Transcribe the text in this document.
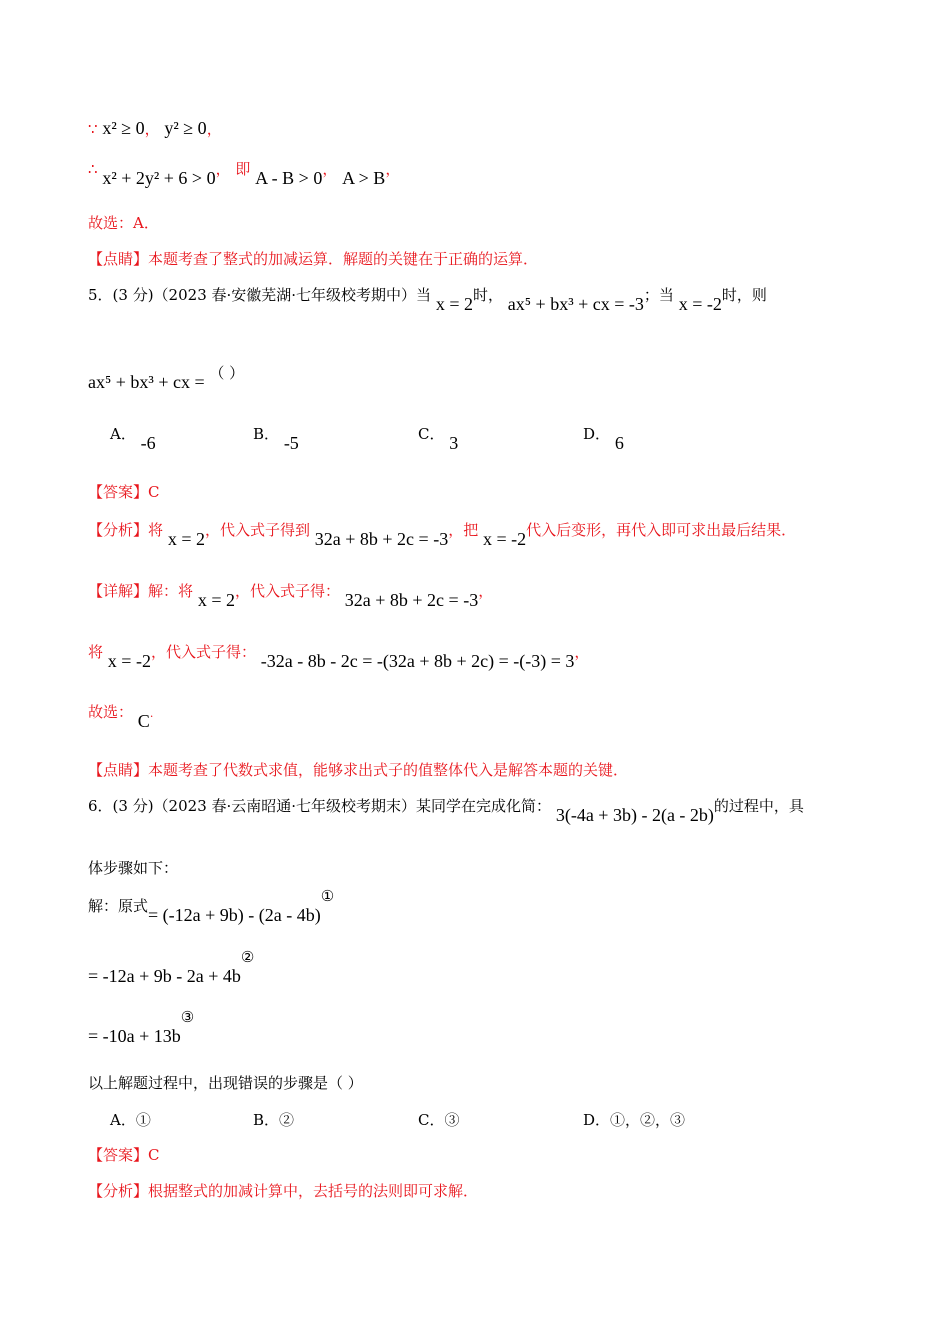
∵ x² ≥ 0， y² ≥ 0，
∴ x² + 2y² + 6 > 0， 即 A - B > 0， A > B，
故选：A．
【点睛】本题考查了整式的加减运算．解题的关键在于正确的运算．
5．(3 分)（2023 春·安徽芜湖·七年级校考期中）当 x = 2时， ax⁵ + bx³ + cx = -3；当 x = -2时，则
ax⁵ + bx³ + cx = （ ）
A． -6	B． -5	C． 3	D． 6
【答案】C
【分析】将 x = 2，代入式子得到 32a + 8b + 2c = -3，把 x = -2代入后变形，再代入即可求出最后结果．
【详解】解：将 x = 2，代入式子得： 32a + 8b + 2c = -3，
将 x = -2，代入式子得： -32a - 8b - 2c = -(32a + 8b + 2c) = -(-3) = 3，
故选： C.
【点睛】本题考查了代数式求值，能够求出式子的值整体代入是解答本题的关键．
6．(3 分)（2023 春·云南昭通·七年级校考期末）某同学在完成化简： 3(-4a + 3b) - 2(a - 2b)的过程中，具
体步骤如下：
解：原式= (-12a + 9b) - (2a - 4b)①
= -12a + 9b - 2a + 4b②
= -10a + 13b③
以上解题过程中，出现错误的步骤是（ ）
A．①	B．②	C．③	D．①，②，③
【答案】C
【分析】根据整式的加减计算中，去括号的法则即可求解．
